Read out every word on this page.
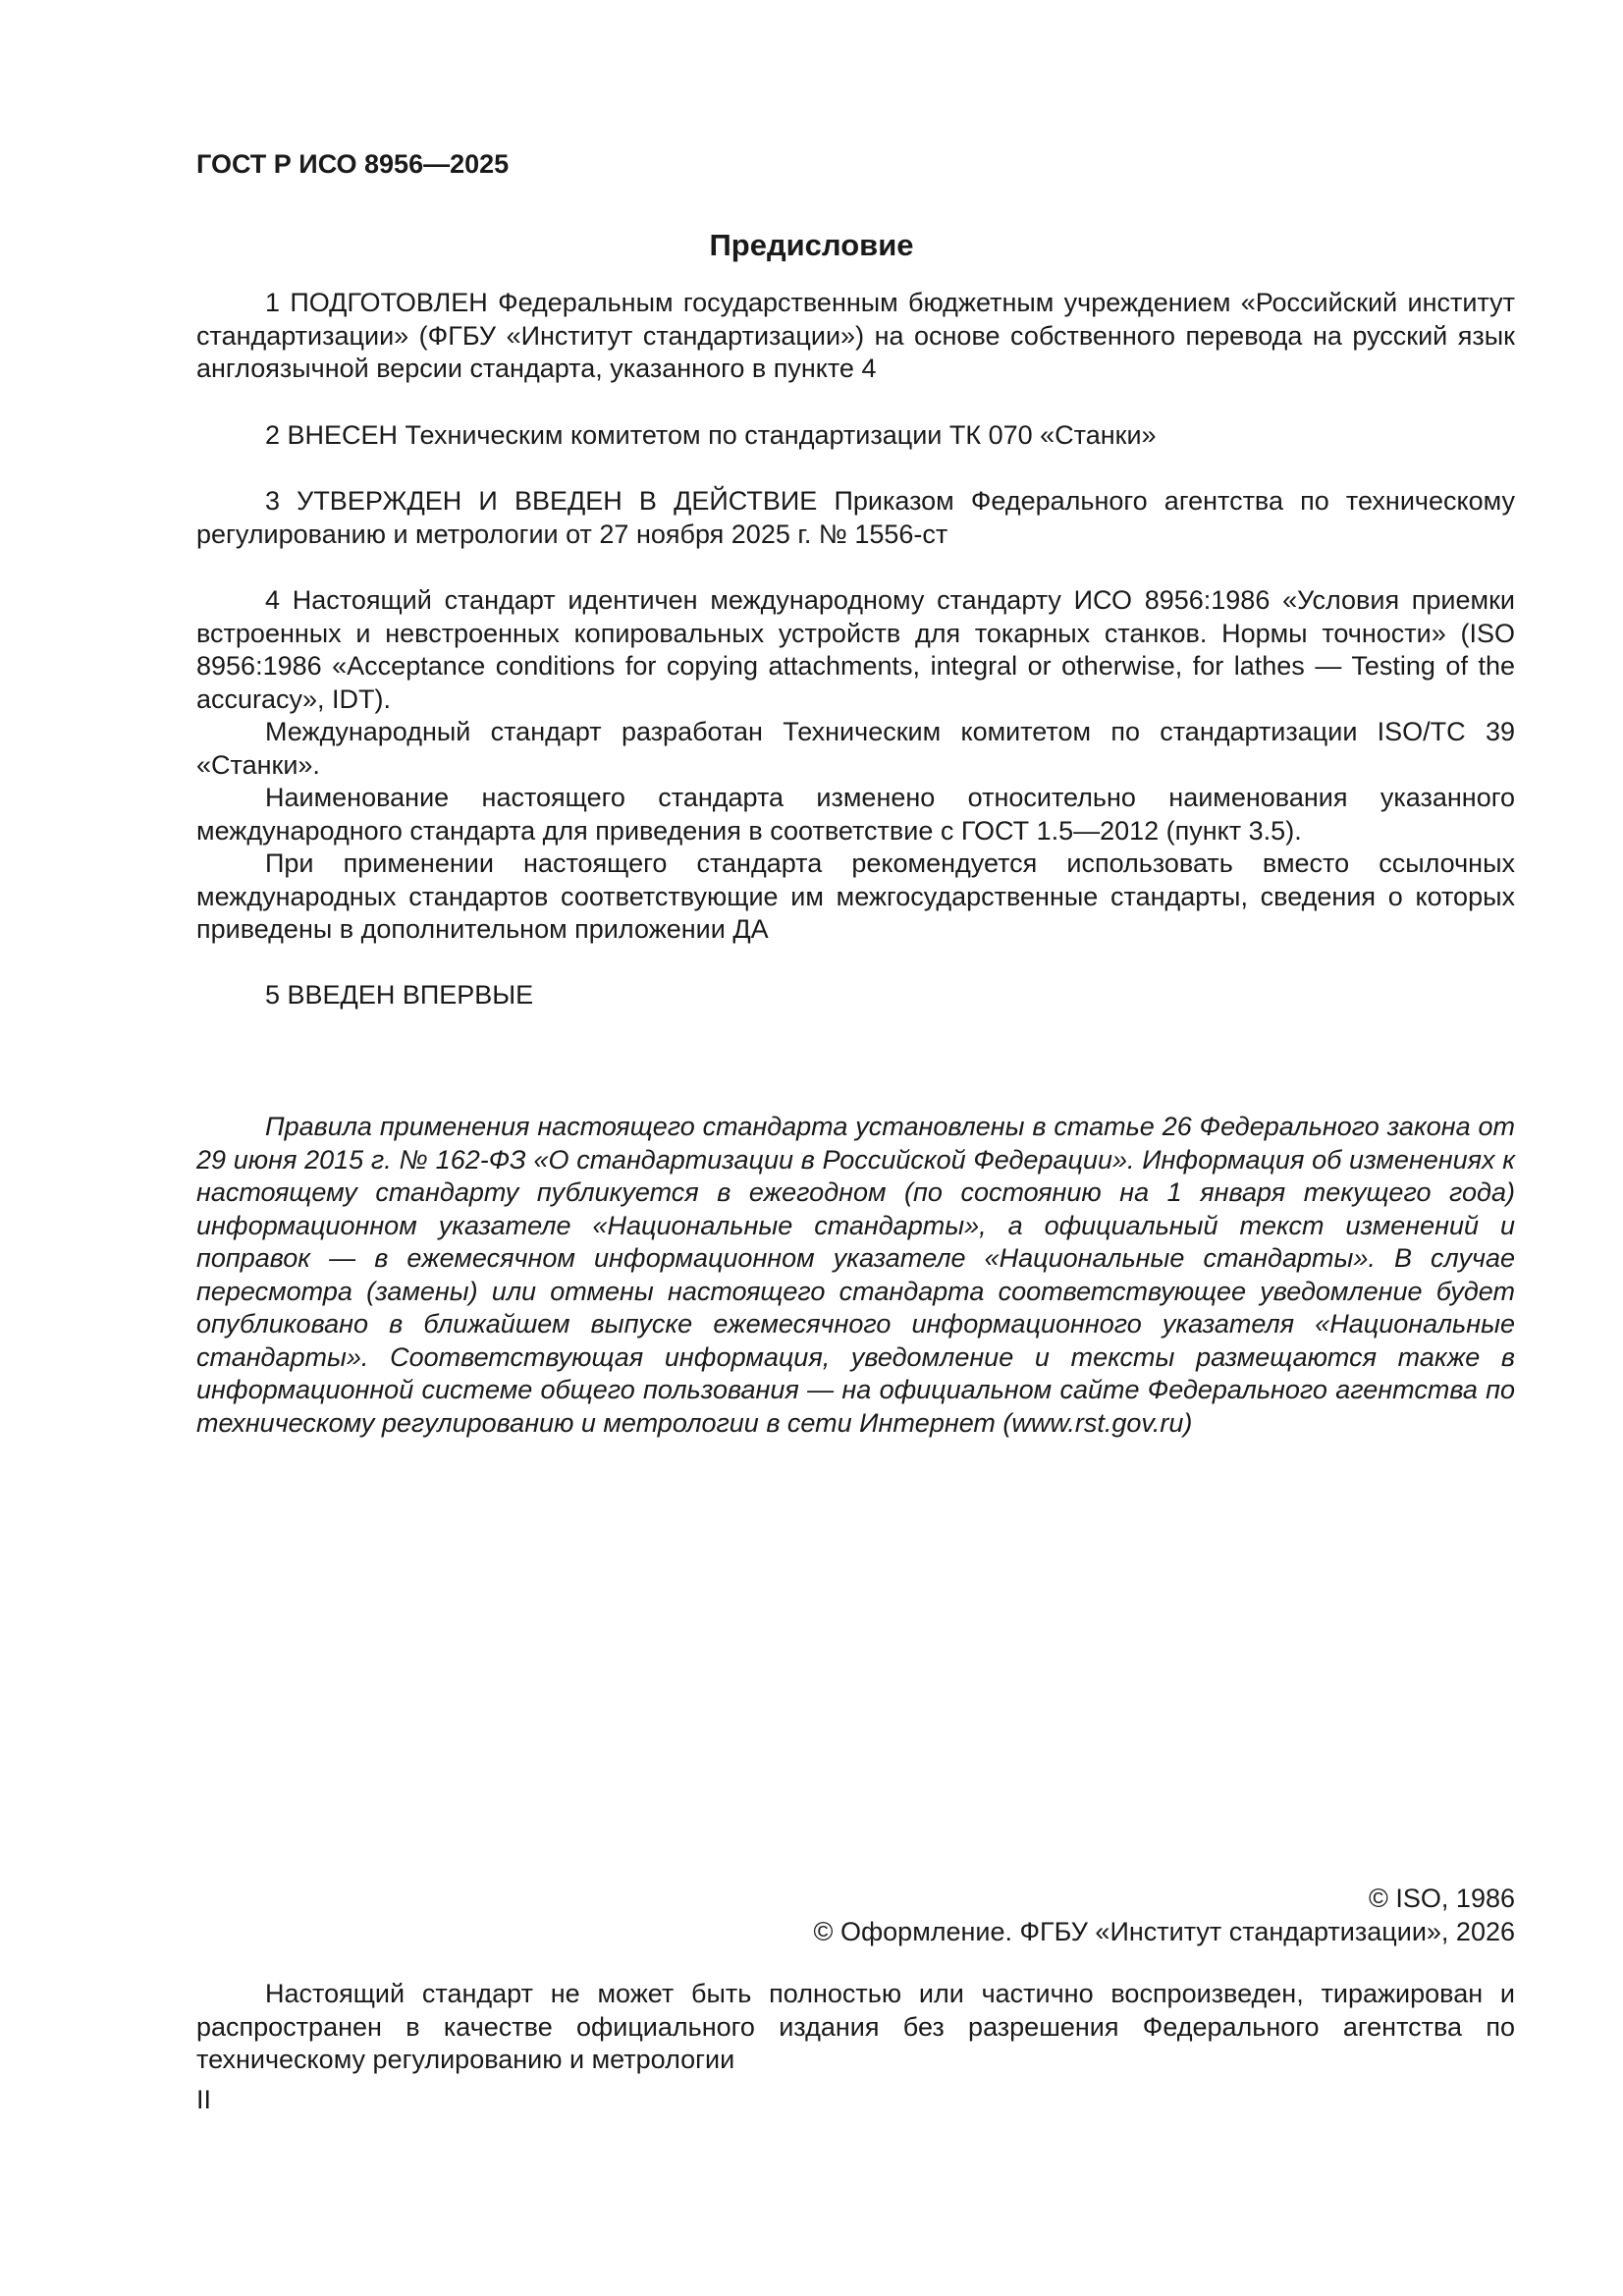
ГОСТ Р ИСО 8956—2025
Предисловие

1 ПОДГОТОВЛЕН Федеральным государственным бюджетным учреждением «Российский институт стандартизации» (ФГБУ «Институт стандартизации») на основе собственного перевода на русский язык англоязычной версии стандарта, указанного в пункте 4

2 ВНЕСЕН Техническим комитетом по стандартизации ТК 070 «Станки»

3 УТВЕРЖДЕН И ВВЕДЕН В ДЕЙСТВИЕ Приказом Федерального агентства по техническому регулированию и метрологии от 27 ноября 2025 г. № 1556-ст

4 Настоящий стандарт идентичен международному стандарту ИСО 8956:1986 «Условия приемки встроенных и невстроенных копировальных устройств для токарных станков. Нормы точности» (ISO 8956:1986 «Acceptance conditions for copying attachments, integral or otherwise, for lathes — Testing of the accuracy», IDT).

Международный стандарт разработан Техническим комитетом по стандартизации ISO/TC 39 «Станки».

Наименование настоящего стандарта изменено относительно наименования указанного международного стандарта для приведения в соответствие с ГОСТ 1.5—2012 (пункт 3.5).

При применении настоящего стандарта рекомендуется использовать вместо ссылочных международных стандартов соответствующие им межгосударственные стандарты, сведения о которых приведены в дополнительном приложении ДА

5 ВВЕДЕН ВПЕРВЫЕ

Правила применения настоящего стандарта установлены в статье 26 Федерального закона от 29 июня 2015 г. № 162-ФЗ «О стандартизации в Российской Федерации». Информация об изменениях к настоящему стандарту публикуется в ежегодном (по состоянию на 1 января текущего года) информационном указателе «Национальные стандарты», а официальный текст изменений и поправок — в ежемесячном информационном указателе «Национальные стандарты». В случае пересмотра (замены) или отмены настоящего стандарта соответствующее уведомление будет опубликовано в ближайшем выпуске ежемесячного информационного указателя «Национальные стандарты». Соответствующая информация, уведомление и тексты размещаются также в информационной системе общего пользования — на официальном сайте Федерального агентства по техническому регулированию и метрологии в сети Интернет (www.rst.gov.ru)
© ISO, 1986
© Оформление. ФГБУ «Институт стандартизации», 2026
Настоящий стандарт не может быть полностью или частично воспроизведен, тиражирован и распространен в качестве официального издания без разрешения Федерального агентства по техническому регулированию и метрологии
II
